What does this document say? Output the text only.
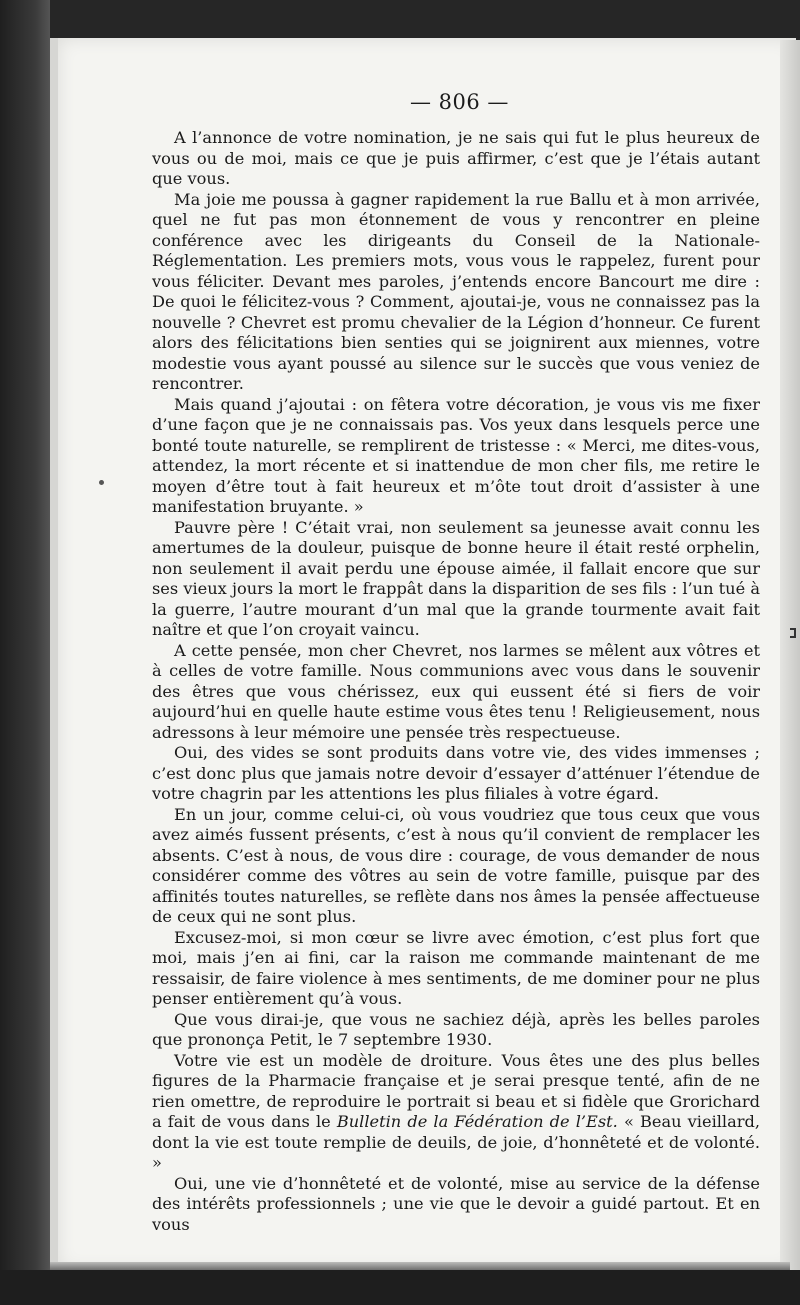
— 806 —

A l’annonce de votre nomination, je ne sais qui fut le plus heureux de vous ou de moi, mais ce que je puis affirmer, c’est que je l’étais autant que vous.

Ma joie me poussa à gagner rapidement la rue Ballu et à mon arrivée, quel ne fut pas mon étonnement de vous y rencontrer en pleine conférence avec les dirigeants du Conseil de la Nationale-Réglementation. Les premiers mots, vous vous le rappelez, furent pour vous féliciter. Devant mes paroles, j’entends encore Bancourt me dire : De quoi le félicitez-vous ? Comment, ajoutai-je, vous ne connaissez pas la nouvelle ? Chevret est promu chevalier de la Légion d’honneur. Ce furent alors des félicitations bien senties qui se joignirent aux miennes, votre modestie vous ayant poussé au silence sur le succès que vous veniez de rencontrer.

Mais quand j’ajoutai : on fêtera votre décoration, je vous vis me fixer d’une façon que je ne connaissais pas. Vos yeux dans lesquels perce une bonté toute naturelle, se remplirent de tristesse : « Merci, me dites-vous, attendez, la mort récente et si inattendue de mon cher fils, me retire le moyen d’être tout à fait heureux et m’ôte tout droit d’assister à une manifestation bruyante. »

Pauvre père ! C’était vrai, non seulement sa jeunesse avait connu les amertumes de la douleur, puisque de bonne heure il était resté orphelin, non seulement il avait perdu une épouse aimée, il fallait encore que sur ses vieux jours la mort le frappât dans la disparition de ses fils : l’un tué à la guerre, l’autre mourant d’un mal que la grande tourmente avait fait naître et que l’on croyait vaincu.

A cette pensée, mon cher Chevret, nos larmes se mêlent aux vôtres et à celles de votre famille. Nous communions avec vous dans le souvenir des êtres que vous chérissez, eux qui eussent été si fiers de voir aujourd’hui en quelle haute estime vous êtes tenu ! Religieusement, nous adressons à leur mémoire une pensée très respectueuse.

Oui, des vides se sont produits dans votre vie, des vides immenses ; c’est donc plus que jamais notre devoir d’essayer d’atténuer l’étendue de votre chagrin par les attentions les plus filiales à votre égard.

En un jour, comme celui-ci, où vous voudriez que tous ceux que vous avez aimés fussent présents, c’est à nous qu’il convient de remplacer les absents. C’est à nous, de vous dire : courage, de vous demander de nous considérer comme des vôtres au sein de votre famille, puisque par des affinités toutes naturelles, se reflète dans nos âmes la pensée affectueuse de ceux qui ne sont plus.

Excusez-moi, si mon cœur se livre avec émotion, c’est plus fort que moi, mais j’en ai fini, car la raison me commande maintenant de me ressaisir, de faire violence à mes sentiments, de me dominer pour ne plus penser entièrement qu’à vous.

Que vous dirai-je, que vous ne sachiez déjà, après les belles paroles que prononça Petit, le 7 septembre 1930.

Votre vie est un modèle de droiture. Vous êtes une des plus belles figures de la Pharmacie française et je serai presque tenté, afin de ne rien omettre, de reproduire le portrait si beau et si fidèle que Grorichard a fait de vous dans le Bulletin de la Fédération de l’Est. « Beau vieillard, dont la vie est toute remplie de deuils, de joie, d’honnêteté et de volonté. »

Oui, une vie d’honnêteté et de volonté, mise au service de la défense des intérêts professionnels ; une vie que le devoir a guidé partout. Et en vous
